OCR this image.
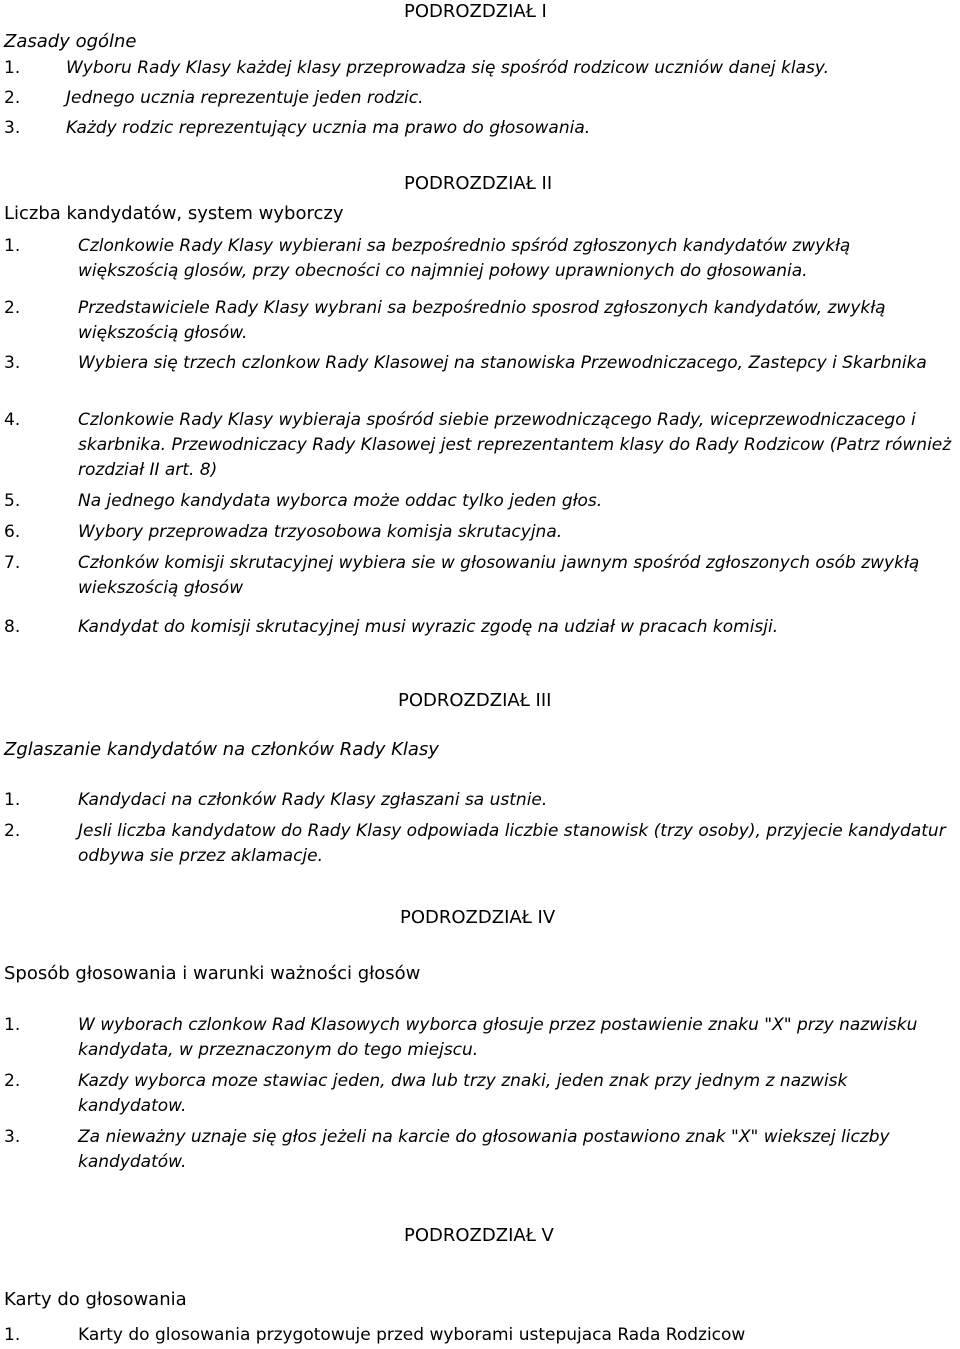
PODROZDZIAŁ I
Zasady ogólne
1.	Wyboru Rady Klasy każdej klasy przeprowadza się spośród rodzicow uczniów danej klasy.
2.	Jednego ucznia reprezentuje jeden rodzic.
3.	Każdy rodzic reprezentujący ucznia ma prawo do głosowania.
PODROZDZIAŁ II
Liczba kandydatów, system wyborczy
1.	Czlonkowie Rady Klasy wybierani sa bezpośrednio spśród zgłoszonych kandydatów zwykłą większością glosów, przy obecności co najmniej połowy uprawnionych do głosowania.
2.	Przedstawiciele Rady Klasy wybrani sa bezpośrednio sposrod zgłoszonych kandydatów, zwykłą większością głosów.
3.	Wybiera się trzech czlonkow Rady Klasowej na stanowiska Przewodniczacego, Zastepcy i Skarbnika
4.	Czlonkowie Rady Klasy wybieraja spośród siebie przewodniczącego Rady, wiceprzewodniczacego i skarbnika. Przewodniczacy Rady Klasowej jest reprezentantem klasy do Rady Rodzicow (Patrz również rozdział II art. 8)
5.	Na jednego kandydata wyborca może oddac tylko jeden głos.
6.	Wybory przeprowadza trzyosobowa komisja skrutacyjna.
7.	Członków komisji skrutacyjnej wybiera sie w głosowaniu jawnym spośród zgłoszonych osób zwykłą wiekszością głosów
8.	Kandydat do komisji skrutacyjnej musi wyrazic zgodę na udział w pracach komisji.
PODROZDZIAŁ III
Zglaszanie kandydatów na członków Rady Klasy
1.	Kandydaci na członków Rady Klasy zgłaszani sa ustnie.
2.	Jesli liczba kandydatow do Rady Klasy odpowiada liczbie stanowisk (trzy osoby), przyjecie kandydatur odbywa sie przez aklamacje.
PODROZDZIAŁ IV
Sposób głosowania i warunki ważności głosów
1.	W wyborach czlonkow Rad Klasowych wyborca głosuje przez postawienie znaku "X" przy nazwisku kandydata, w przeznaczonym do tego miejscu.
2.	Kazdy wyborca moze stawiac jeden, dwa lub trzy znaki, jeden znak przy jednym z nazwisk kandydatow.
3.	Za nieważny uznaje się głos jeżeli na karcie do głosowania postawiono znak "X" wiekszej liczby kandydatów.
PODROZDZIAŁ V
Karty do głosowania
1.	Karty do glosowania przygotowuje przed wyborami ustepujaca Rada Rodzicow
